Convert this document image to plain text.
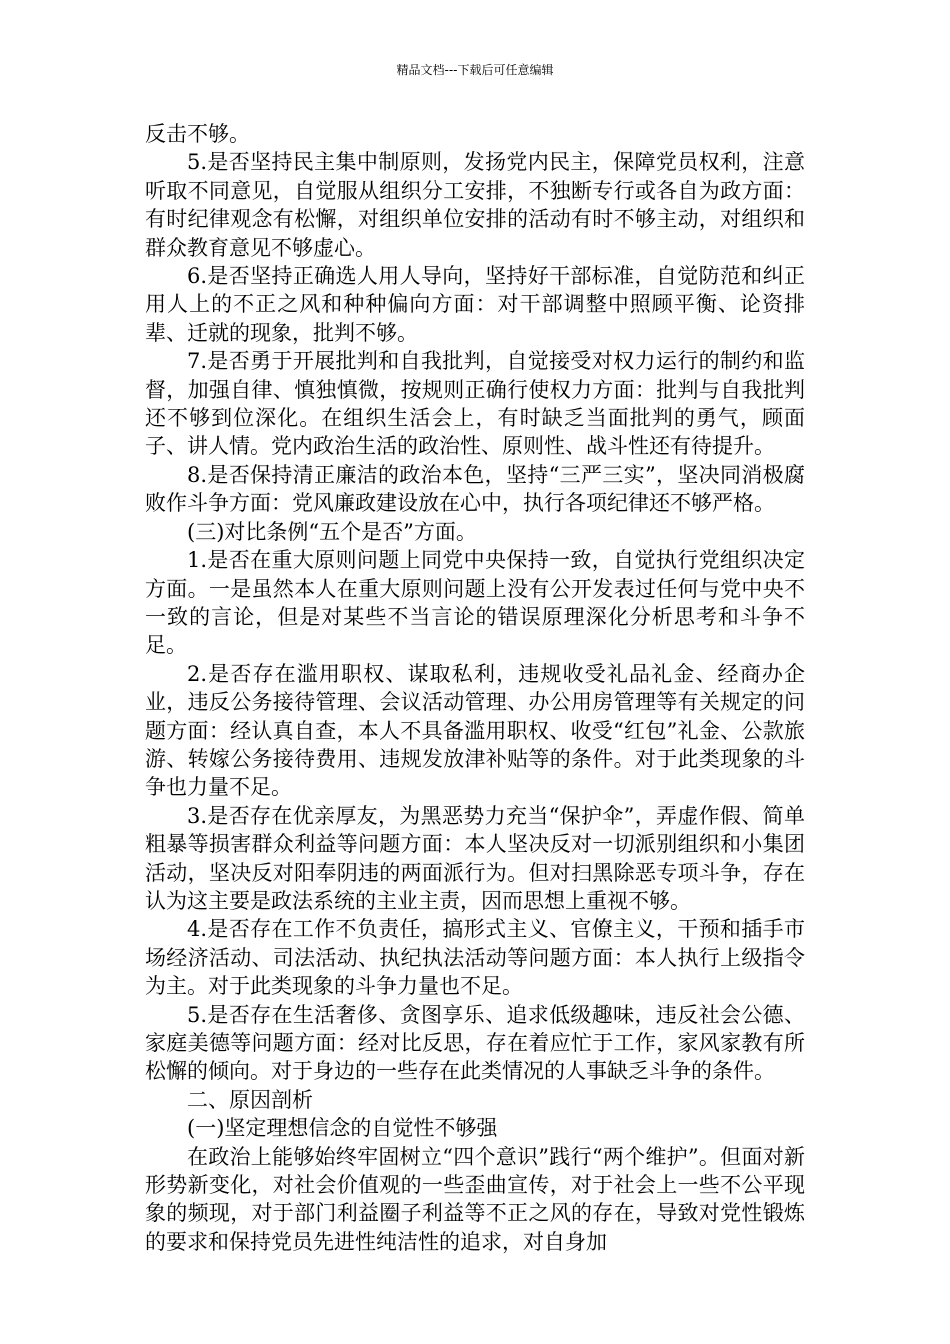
精品文档---下载后可任意编辑

反击不够。

5.是否坚持民主集中制原则，发扬党内民主，保障党员权利，注意听取不同意见，自觉服从组织分工安排，不独断专行或各自为政方面：有时纪律观念有松懈，对组织单位安排的活动有时不够主动，对组织和群众教育意见不够虚心。

6.是否坚持正确选人用人导向，坚持好干部标准，自觉防范和纠正用人上的不正之风和种种偏向方面：对干部调整中照顾平衡、论资排辈、迁就的现象，批判不够。

7.是否勇于开展批判和自我批判，自觉接受对权力运行的制约和监督，加强自律、慎独慎微，按规则正确行使权力方面：批判与自我批判还不够到位深化。在组织生活会上，有时缺乏当面批判的勇气，顾面子、讲人情。党内政治生活的政治性、原则性、战斗性还有待提升。

8.是否保持清正廉洁的政治本色，坚持“三严三实”，坚决同消极腐败作斗争方面：党风廉政建设放在心中，执行各项纪律还不够严格。

(三)对比条例“五个是否”方面。

1.是否在重大原则问题上同党中央保持一致，自觉执行党组织决定方面。一是虽然本人在重大原则问题上没有公开发表过任何与党中央不一致的言论，但是对某些不当言论的错误原理深化分析思考和斗争不足。

2.是否存在滥用职权、谋取私利，违规收受礼品礼金、经商办企业，违反公务接待管理、会议活动管理、办公用房管理等有关规定的问题方面：经认真自查，本人不具备滥用职权、收受“红包”礼金、公款旅游、转嫁公务接待费用、违规发放津补贴等的条件。对于此类现象的斗争也力量不足。

3.是否存在优亲厚友，为黑恶势力充当“保护伞”，弄虚作假、简单粗暴等损害群众利益等问题方面：本人坚决反对一切派别组织和小集团活动，坚决反对阳奉阴违的两面派行为。但对扫黑除恶专项斗争，存在认为这主要是政法系统的主业主责，因而思想上重视不够。

4.是否存在工作不负责任，搞形式主义、官僚主义，干预和插手市场经济活动、司法活动、执纪执法活动等问题方面：本人执行上级指令为主。对于此类现象的斗争力量也不足。

5.是否存在生活奢侈、贪图享乐、追求低级趣味，违反社会公德、家庭美德等问题方面：经对比反思，存在着应忙于工作，家风家教有所松懈的倾向。对于身边的一些存在此类情况的人事缺乏斗争的条件。

二、原因剖析

(一)坚定理想信念的自觉性不够强

在政治上能够始终牢固树立“四个意识”践行“两个维护”。但面对新形势新变化，对社会价值观的一些歪曲宣传，对于社会上一些不公平现象的频现，对于部门利益圈子利益等不正之风的存在，导致对党性锻炼的要求和保持党员先进性纯洁性的追求，对自身加
